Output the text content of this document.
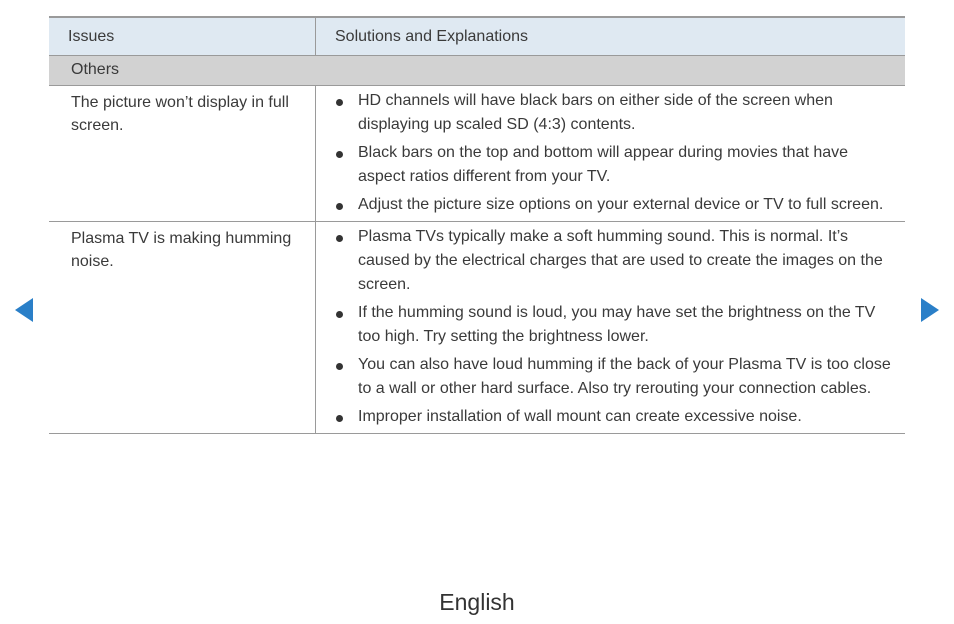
Issues	Solutions and Explanations
Others
The picture won’t display in full screen.
HD channels will have black bars on either side of the screen when displaying up scaled SD (4:3) contents.
Black bars on the top and bottom will appear during movies that have aspect ratios different from your TV.
Adjust the picture size options on your external device or TV to full screen.
Plasma TV is making humming noise.
Plasma TVs typically make a soft humming sound. This is normal. It’s caused by the electrical charges that are used to create the images on the screen.
If the humming sound is loud, you may have set the brightness on the TV too high. Try setting the brightness lower.
You can also have loud humming if the back of your Plasma TV is too close to a wall or other hard surface. Also try rerouting your connection cables.
Improper installation of wall mount can create excessive noise.
English
